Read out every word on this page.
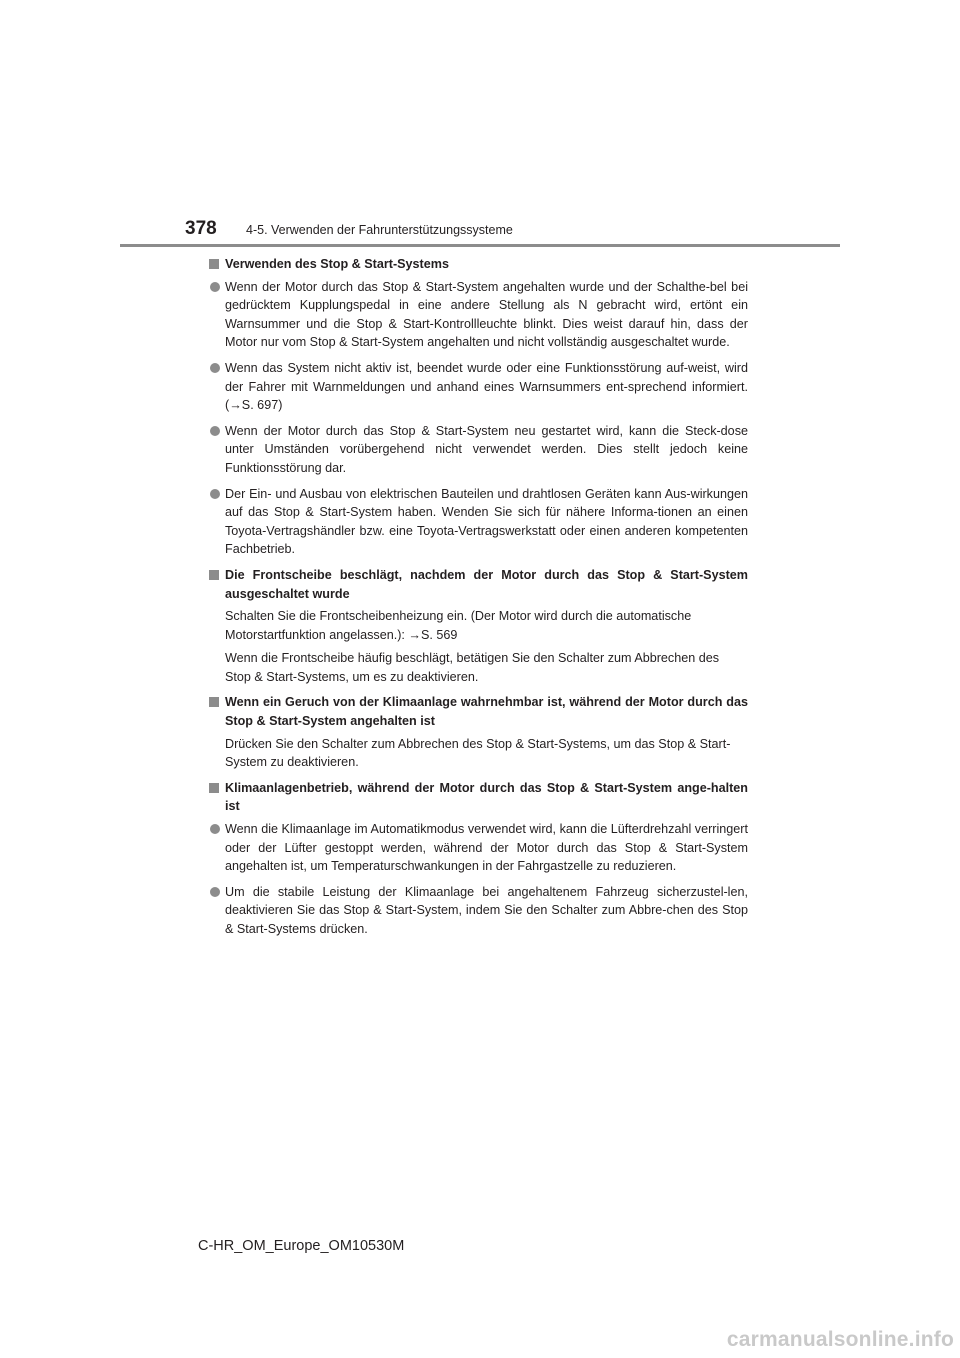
378 4-5. Verwenden der Fahrunterstützungssysteme
Verwenden des Stop & Start-Systems
Wenn der Motor durch das Stop & Start-System angehalten wurde und der Schalthe-bel bei gedrücktem Kupplungspedal in eine andere Stellung als N gebracht wird, ertönt ein Warnsummer und die Stop & Start-Kontrollleuchte blinkt. Dies weist darauf hin, dass der Motor nur vom Stop & Start-System angehalten und nicht vollständig ausgeschaltet wurde.
Wenn das System nicht aktiv ist, beendet wurde oder eine Funktionsstörung auf-weist, wird der Fahrer mit Warnmeldungen und anhand eines Warnsummers ent-sprechend informiert. (→S. 697)
Wenn der Motor durch das Stop & Start-System neu gestartet wird, kann die Steck-dose unter Umständen vorübergehend nicht verwendet werden. Dies stellt jedoch keine Funktionsstörung dar.
Der Ein- und Ausbau von elektrischen Bauteilen und drahtlosen Geräten kann Aus-wirkungen auf das Stop & Start-System haben. Wenden Sie sich für nähere Informa-tionen an einen Toyota-Vertragshändler bzw. eine Toyota-Vertragswerkstatt oder einen anderen kompetenten Fachbetrieb.
Die Frontscheibe beschlägt, nachdem der Motor durch das Stop & Start-System ausgeschaltet wurde
Schalten Sie die Frontscheibenheizung ein. (Der Motor wird durch die automatische Motorstartfunktion angelassen.): →S. 569
Wenn die Frontscheibe häufig beschlägt, betätigen Sie den Schalter zum Abbrechen des Stop & Start-Systems, um es zu deaktivieren.
Wenn ein Geruch von der Klimaanlage wahrnehmbar ist, während der Motor durch das Stop & Start-System angehalten ist
Drücken Sie den Schalter zum Abbrechen des Stop & Start-Systems, um das Stop & Start-System zu deaktivieren.
Klimaanlagenbetrieb, während der Motor durch das Stop & Start-System ange-halten ist
Wenn die Klimaanlage im Automatikmodus verwendet wird, kann die Lüfterdrehzahl verringert oder der Lüfter gestoppt werden, während der Motor durch das Stop & Start-System angehalten ist, um Temperaturschwankungen in der Fahrgastzelle zu reduzieren.
Um die stabile Leistung der Klimaanlage bei angehaltenem Fahrzeug sicherzustel-len, deaktivieren Sie das Stop & Start-System, indem Sie den Schalter zum Abbre-chen des Stop & Start-Systems drücken.
C-HR_OM_Europe_OM10530M
carmanualsonline.info
